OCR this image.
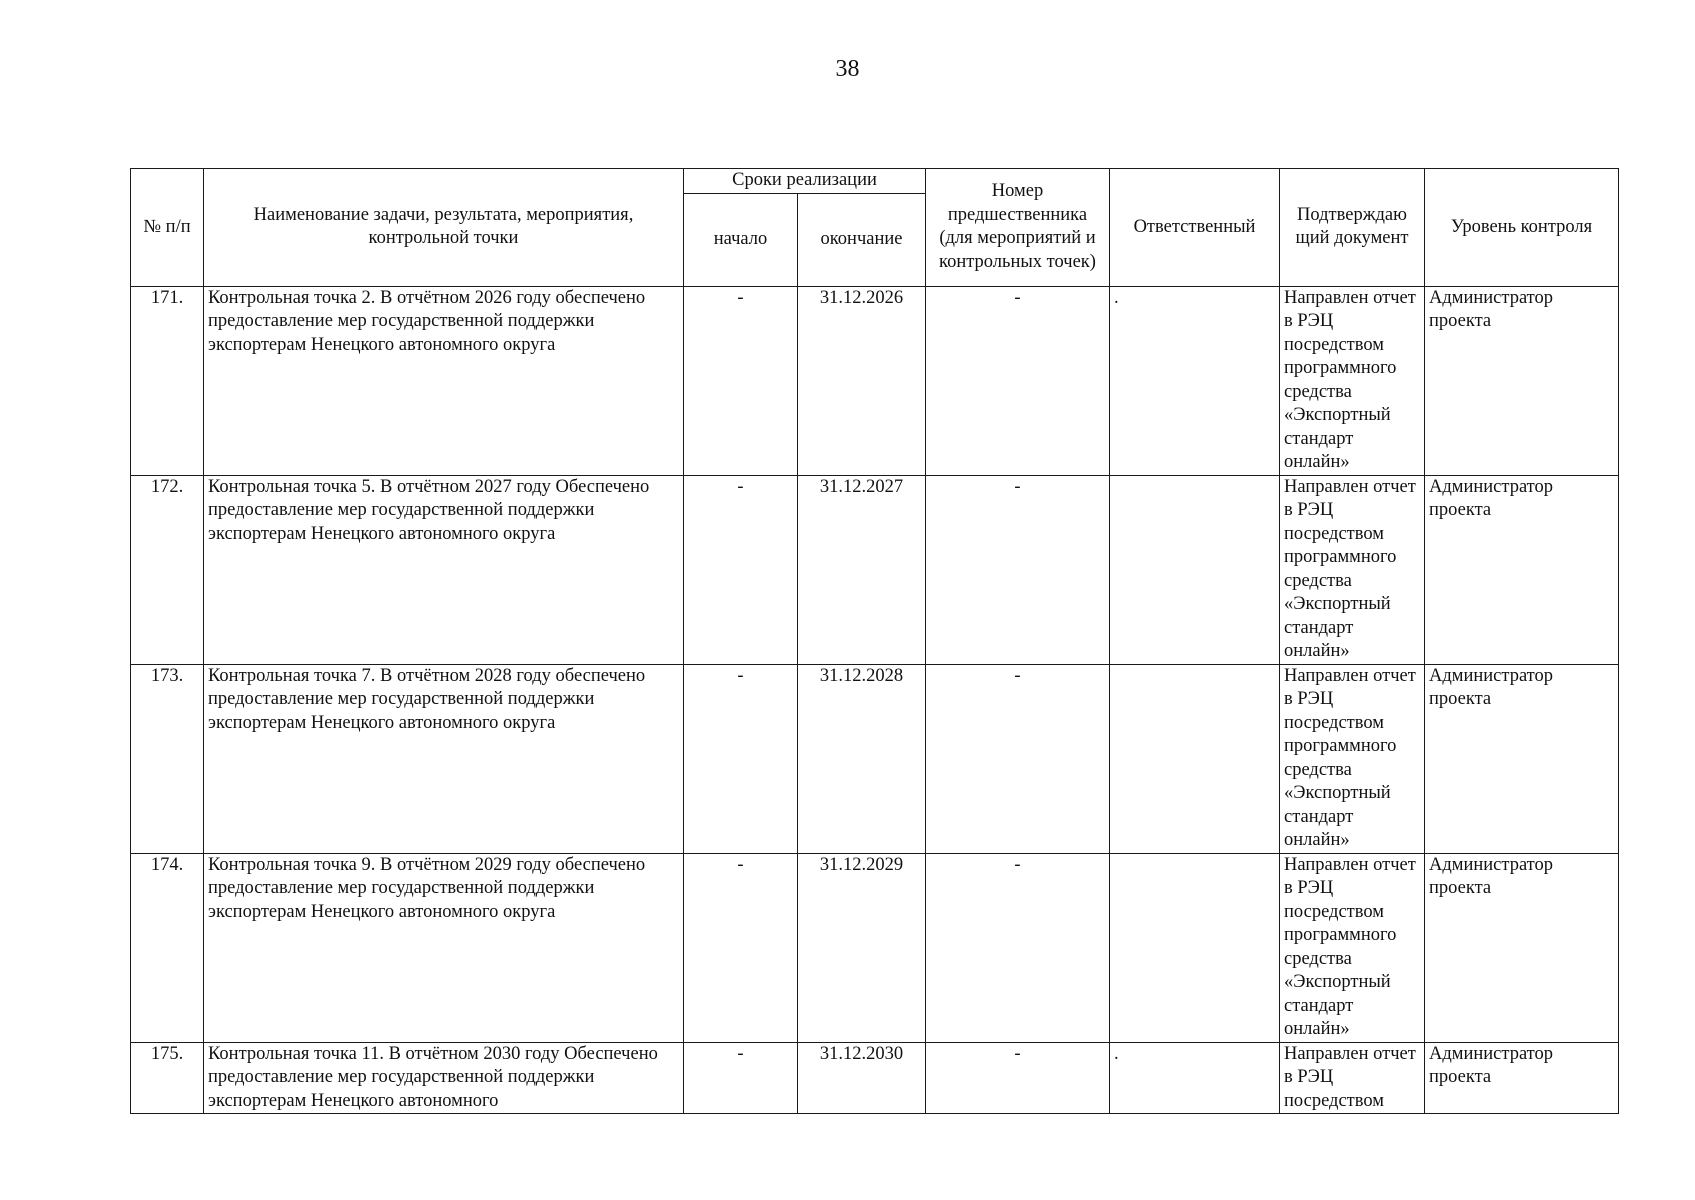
38
№ п/п	Наименование задачи, результата, мероприятия, контрольной точки	Сроки реализации		Номер предшественника (для мероприятий и контрольных точек)	Ответственный	Подтверждаю щий документ	Уровень контроля
		начало	окончание				
171.	Контрольная точка 2. В отчётном 2026 году обеспечено предоставление мер государственной поддержки экспортерам Ненецкого автономного округа	-	31.12.2026	-	.	Направлен отчет в РЭЦ посредством программного средства «Экспортный стандарт онлайн»	Администратор проекта
172.	Контрольная точка 5. В отчётном 2027 году Обеспечено предоставление мер государственной поддержки экспортерам Ненецкого автономного округа	-	31.12.2027	-		Направлен отчет в РЭЦ посредством программного средства «Экспортный стандарт онлайн»	Администратор проекта
173.	Контрольная точка 7. В отчётном 2028 году обеспечено предоставление мер государственной поддержки экспортерам Ненецкого автономного округа	-	31.12.2028	-		Направлен отчет в РЭЦ посредством программного средства «Экспортный стандарт онлайн»	Администратор проекта
174.	Контрольная точка 9. В отчётном 2029 году обеспечено предоставление мер государственной поддержки экспортерам Ненецкого автономного округа	-	31.12.2029	-		Направлен отчет в РЭЦ посредством программного средства «Экспортный стандарт онлайн»	Администратор проекта
175.	Контрольная точка 11. В отчётном 2030 году Обеспечено предоставление мер государственной поддержки экспортерам Ненецкого автономного	-	31.12.2030	-	.	Направлен отчет в РЭЦ посредством	Администратор проекта
